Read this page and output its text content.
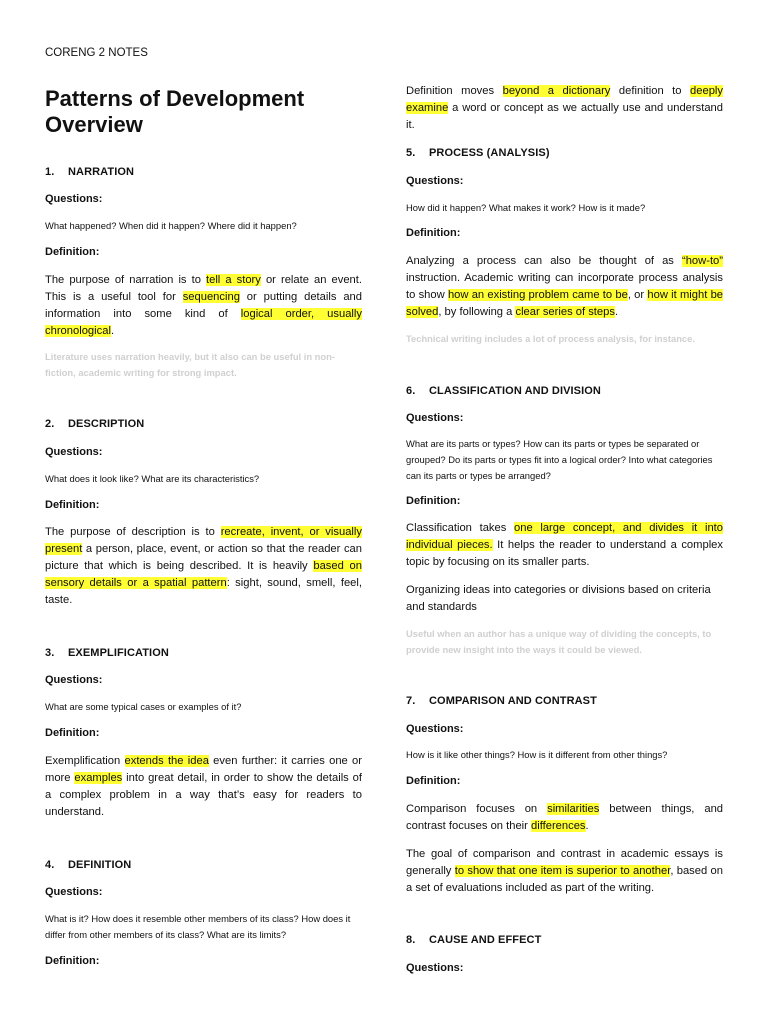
CORENG 2 NOTES
Patterns of Development Overview
1. NARRATION
Questions:
What happened? When did it happen? Where did it happen?
Definition:
The purpose of narration is to tell a story or relate an event. This is a useful tool for sequencing or putting details and information into some kind of logical order, usually chronological.
Literature uses narration heavily, but it also can be useful in non-fiction, academic writing for strong impact.
2. DESCRIPTION
Questions:
What does it look like? What are its characteristics?
Definition:
The purpose of description is to recreate, invent, or visually present a person, place, event, or action so that the reader can picture that which is being described. It is heavily based on sensory details or a spatial pattern: sight, sound, smell, feel, taste.
3. EXEMPLIFICATION
Questions:
What are some typical cases or examples of it?
Definition:
Exemplification extends the idea even further: it carries one or more examples into great detail, in order to show the details of a complex problem in a way that’s easy for readers to understand.
4. DEFINITION
Questions:
What is it? How does it resemble other members of its class? How does it differ from other members of its class? What are its limits?
Definition:
Definition moves beyond a dictionary definition to deeply examine a word or concept as we actually use and understand it.
5. PROCESS (ANALYSIS)
Questions:
How did it happen? What makes it work? How is it made?
Definition:
Analyzing a process can also be thought of as “how-to” instruction. Academic writing can incorporate process analysis to show how an existing problem came to be, or how it might be solved, by following a clear series of steps.
Technical writing includes a lot of process analysis, for instance.
6. CLASSIFICATION AND DIVISION
Questions:
What are its parts or types? How can its parts or types be separated or grouped? Do its parts or types fit into a logical order? Into what categories can its parts or types be arranged?
Definition:
Classification takes one large concept, and divides it into individual pieces. It helps the reader to understand a complex topic by focusing on its smaller parts.
Organizing ideas into categories or divisions based on criteria and standards
Useful when an author has a unique way of dividing the concepts, to provide new insight into the ways it could be viewed.
7. COMPARISON AND CONTRAST
Questions:
How is it like other things? How is it different from other things?
Definition:
Comparison focuses on similarities between things, and contrast focuses on their differences.
The goal of comparison and contrast in academic essays is generally to show that one item is superior to another, based on a set of evaluations included as part of the writing.
8. CAUSE AND EFFECT
Questions:
